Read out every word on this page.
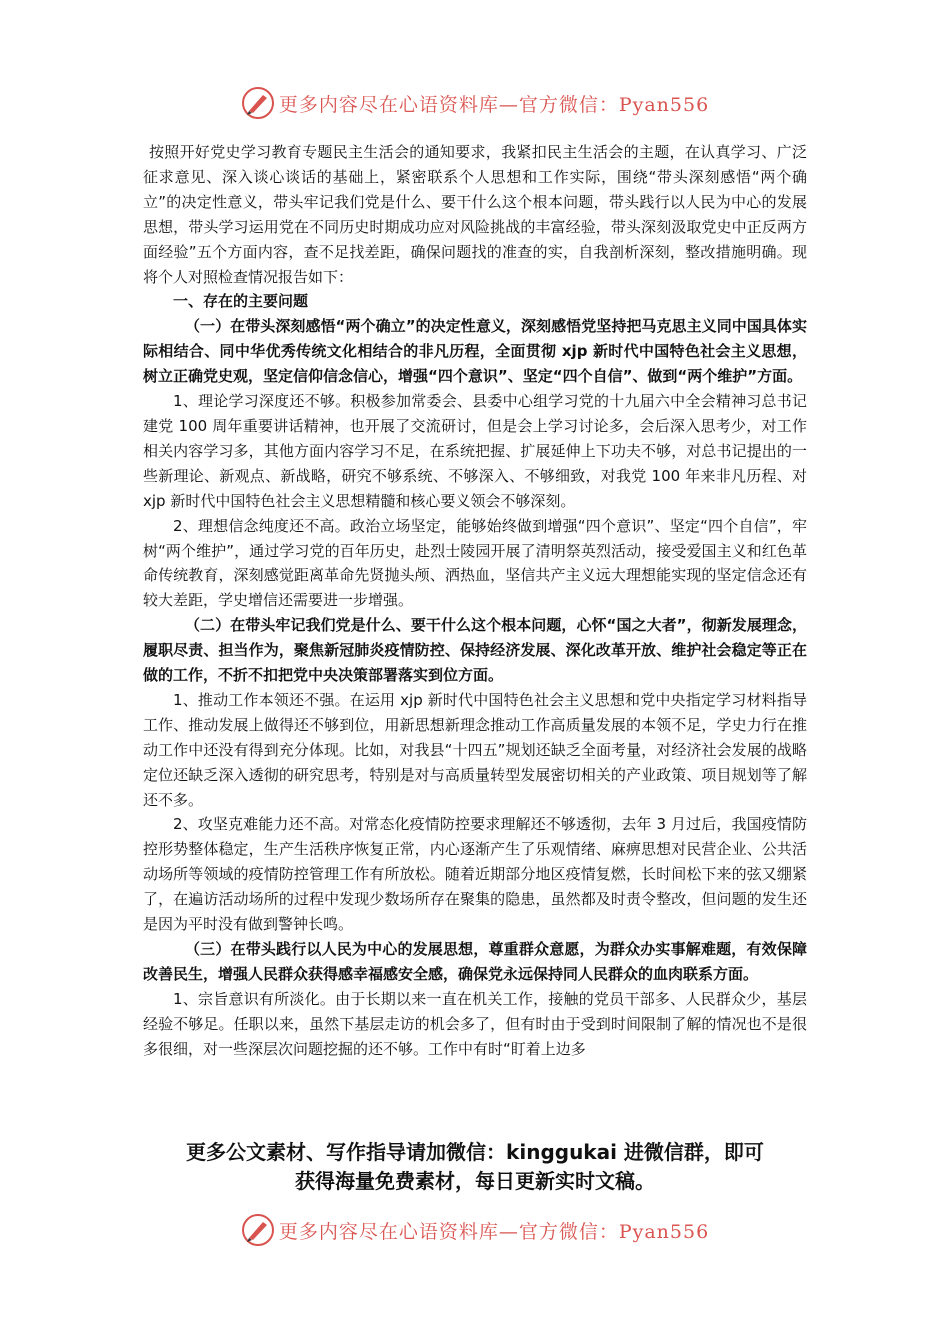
更多内容尽在心语资料库—官方微信：Pyan556

按照开好党史学习教育专题民主生活会的通知要求，我紧扣民主生活会的主题，在认真学习、广泛征求意见、深入谈心谈话的基础上，紧密联系个人思想和工作实际，围绕“带头深刻感悟“两个确立”的决定性意义，带头牢记我们党是什么、要干什么这个根本问题，带头践行以人民为中心的发展思想，带头学习运用党在不同历史时期成功应对风险挑战的丰富经验，带头深刻汲取党史中正反两方面经验”五个方面内容，查不足找差距，确保问题找的准查的实，自我剖析深刻，整改措施明确。现将个人对照检查情况报告如下：

一、存在的主要问题

（一）在带头深刻感悟“两个确立”的决定性意义，深刻感悟党坚持把马克思主义同中国具体实际相结合、同中华优秀传统文化相结合的非凡历程，全面贯彻 xjp 新时代中国特色社会主义思想，树立正确党史观，坚定信仰信念信心，增强“四个意识”、坚定“四个自信”、做到“两个维护”方面。

1、理论学习深度还不够。积极参加常委会、县委中心组学习党的十九届六中全会精神习总书记建党 100 周年重要讲话精神，也开展了交流研讨，但是会上学习讨论多，会后深入思考少，对工作相关内容学习多，其他方面内容学习不足，在系统把握、扩展延伸上下功夫不够，对总书记提出的一些新理论、新观点、新战略，研究不够系统、不够深入、不够细致，对我党 100 年来非凡历程、对 xjp 新时代中国特色社会主义思想精髓和核心要义领会不够深刻。

2、理想信念纯度还不高。政治立场坚定，能够始终做到增强“四个意识”、坚定“四个自信”，牢树“两个维护”，通过学习党的百年历史，赴烈士陵园开展了清明祭英烈活动，接受爱国主义和红色革命传统教育，深刻感觉距离革命先贤抛头颅、洒热血，坚信共产主义远大理想能实现的坚定信念还有较大差距，学史增信还需要进一步增强。

（二）在带头牢记我们党是什么、要干什么这个根本问题，心怀“国之大者”，彻新发展理念，履职尽责、担当作为，聚焦新冠肺炎疫情防控、保持经济发展、深化改革开放、维护社会稳定等正在做的工作，不折不扣把党中央决策部署落实到位方面。

1、推动工作本领还不强。在运用 xjp 新时代中国特色社会主义思想和党中央指定学习材料指导工作、推动发展上做得还不够到位，用新思想新理念推动工作高质量发展的本领不足，学史力行在推动工作中还没有得到充分体现。比如，对我县“十四五”规划还缺乏全面考量，对经济社会发展的战略定位还缺乏深入透彻的研究思考，特别是对与高质量转型发展密切相关的产业政策、项目规划等了解还不多。

2、攻坚克难能力还不高。对常态化疫情防控要求理解还不够透彻，去年 3 月过后，我国疫情防控形势整体稳定，生产生活秩序恢复正常，内心逐渐产生了乐观情绪、麻痹思想对民营企业、公共活动场所等领域的疫情防控管理工作有所放松。随着近期部分地区疫情复燃，长时间松下来的弦又绷紧了，在遍访活动场所的过程中发现少数场所存在聚集的隐患，虽然都及时责令整改，但问题的发生还是因为平时没有做到警钟长鸣。

（三）在带头践行以人民为中心的发展思想，尊重群众意愿，为群众办实事解难题，有效保障改善民生，增强人民群众获得感幸福感安全感，确保党永远保持同人民群众的血肉联系方面。

1、宗旨意识有所淡化。由于长期以来一直在机关工作，接触的党员干部多、人民群众少，基层经验不够足。任职以来，虽然下基层走访的机会多了，但有时由于受到时间限制了解的情况也不是很多很细，对一些深层次问题挖掘的还不够。工作中有时“盯着上边多

更多公文素材、写作指导请加微信：kinggukai 进微信群，即可
获得海量免费素材，每日更新实时文稿。
更多内容尽在心语资料库—官方微信：Pyan556
